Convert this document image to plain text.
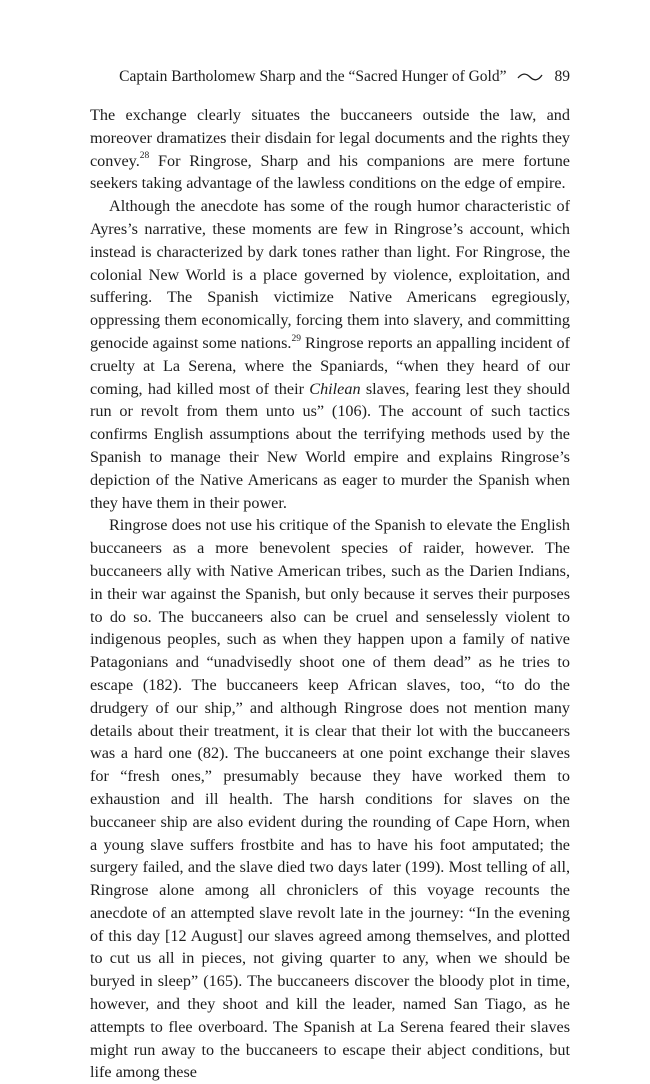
Captain Bartholomew Sharp and the “Sacred Hunger of Gold”	89

The exchange clearly situates the buccaneers outside the law, and moreover dramatizes their disdain for legal documents and the rights they convey.$^{28}$ For Ringrose, Sharp and his companions are mere fortune seekers taking advantage of the lawless conditions on the edge of empire.

Although the anecdote has some of the rough humor characteristic of Ayres’s narrative, these moments are few in Ringrose’s account, which instead is characterized by dark tones rather than light. For Ringrose, the colonial New World is a place governed by violence, exploitation, and suffering. The Spanish victimize Native Americans egregiously, oppressing them economically, forcing them into slavery, and committing genocide against some nations.$^{29}$ Ringrose reports an appalling incident of cruelty at La Serena, where the Spaniards, “when they heard of our coming, had killed most of their Chilean slaves, fearing lest they should run or revolt from them unto us” (106). The account of such tactics confirms English assumptions about the terrifying methods used by the Spanish to manage their New World empire and explains Ringrose’s depiction of the Native Americans as eager to murder the Spanish when they have them in their power.

Ringrose does not use his critique of the Spanish to elevate the English buccaneers as a more benevolent species of raider, however. The buccaneers ally with Native American tribes, such as the Darien Indians, in their war against the Spanish, but only because it serves their purposes to do so. The buccaneers also can be cruel and senselessly violent to indigenous peoples, such as when they happen upon a family of native Patagonians and “unadvisedly shoot one of them dead” as he tries to escape (182). The buccaneers keep African slaves, too, “to do the drudgery of our ship,” and although Ringrose does not mention many details about their treatment, it is clear that their lot with the buccaneers was a hard one (82). The buccaneers at one point exchange their slaves for “fresh ones,” presumably because they have worked them to exhaustion and ill health. The harsh conditions for slaves on the buccaneer ship are also evident during the rounding of Cape Horn, when a young slave suffers frostbite and has to have his foot amputated; the surgery failed, and the slave died two days later (199). Most telling of all, Ringrose alone among all chroniclers of this voyage recounts the anecdote of an attempted slave revolt late in the journey: “In the evening of this day [12 August] our slaves agreed among themselves, and plotted to cut us all in pieces, not giving quarter to any, when we should be buryed in sleep” (165). The buccaneers discover the bloody plot in time, however, and they shoot and kill the leader, named San Tiago, as he attempts to flee overboard. The Spanish at La Serena feared their slaves might run away to the buccaneers to escape their abject conditions, but life among these
